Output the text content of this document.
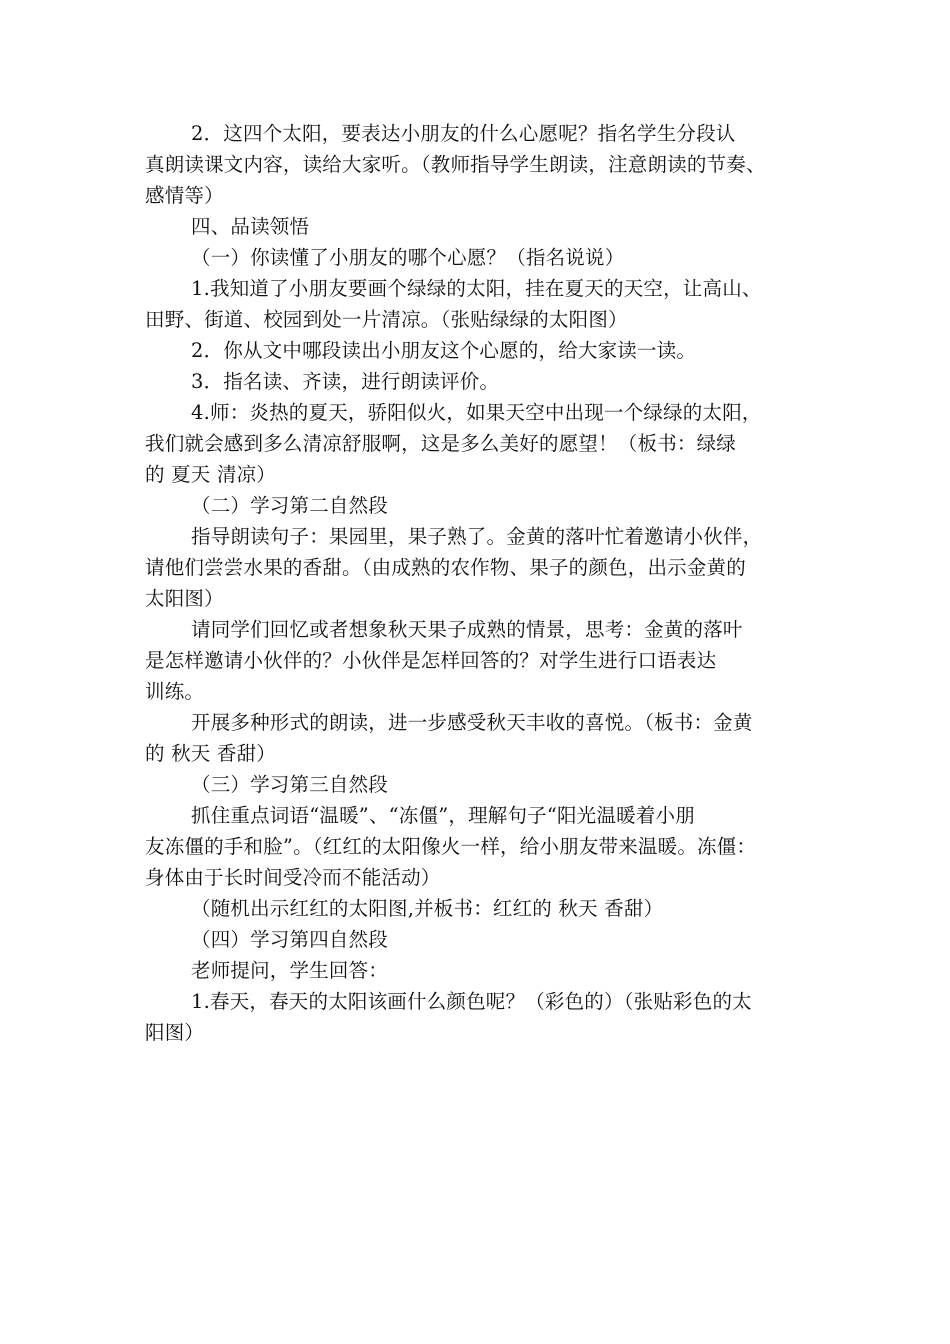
2．这四个太阳，要表达小朋友的什么心愿呢？指名学生分段认
真朗读课文内容，读给大家听。（教师指导学生朗读，注意朗读的节奏、
感情等）
四、品读领悟
（一）你读懂了小朋友的哪个心愿？（指名说说）
1.我知道了小朋友要画个绿绿的太阳，挂在夏天的天空，让高山、
田野、街道、校园到处一片清凉。（张贴绿绿的太阳图）
2．你从文中哪段读出小朋友这个心愿的，给大家读一读。
3．指名读、齐读，进行朗读评价。
4.师：炎热的夏天，骄阳似火，如果天空中出现一个绿绿的太阳，
我们就会感到多么清凉舒服啊，这是多么美好的愿望！（板书：绿绿
的 夏天 清凉）
（二）学习第二自然段
指导朗读句子：果园里，果子熟了。金黄的落叶忙着邀请小伙伴，
请他们尝尝水果的香甜。（由成熟的农作物、果子的颜色，出示金黄的
太阳图）
请同学们回忆或者想象秋天果子成熟的情景，思考：金黄的落叶
是怎样邀请小伙伴的？小伙伴是怎样回答的？对学生进行口语表达
训练。
开展多种形式的朗读，进一步感受秋天丰收的喜悦。（板书：金黄
的 秋天 香甜）
（三）学习第三自然段
抓住重点词语“温暖”、“冻僵”，理解句子“阳光温暖着小朋
友冻僵的手和脸”。（红红的太阳像火一样，给小朋友带来温暖。冻僵：
身体由于长时间受冷而不能活动）
（随机出示红红的太阳图,并板书：红红的 秋天 香甜）
（四）学习第四自然段
老师提问，学生回答：
1.春天，春天的太阳该画什么颜色呢？（彩色的）（张贴彩色的太
阳图）
